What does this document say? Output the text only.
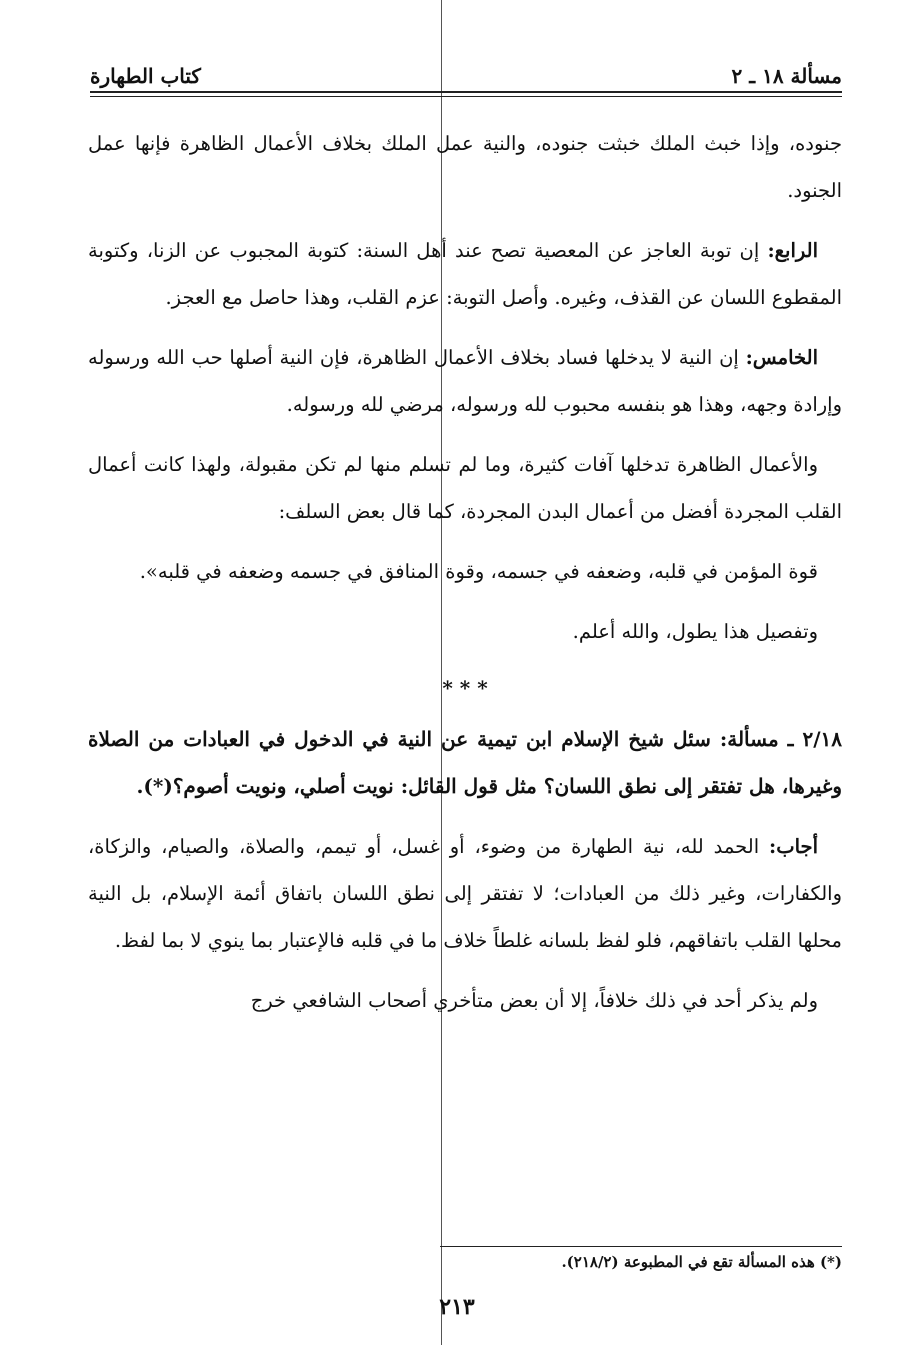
مسألة ١٨ ـ ٢
كتاب الطهارة

جنوده، وإذا خبث الملك خبثت جنوده، والنية عمل الملك بخلاف الأعمال الظاهرة فإنها عمل الجنود.

الرابع: إن توبة العاجز عن المعصية تصح عند أهل السنة: كتوبة المجبوب عن الزنا، وكتوبة المقطوع اللسان عن القذف، وغيره. وأصل التوبة: عزم القلب، وهذا حاصل مع العجز.

الخامس: إن النية لا يدخلها فساد بخلاف الأعمال الظاهرة، فإن النية أصلها حب الله ورسوله وإرادة وجهه، وهذا هو بنفسه محبوب لله ورسوله، مرضي لله ورسوله.

والأعمال الظاهرة تدخلها آفات كثيرة، وما لم تسلم منها لم تكن مقبولة، ولهذا كانت أعمال القلب المجردة أفضل من أعمال البدن المجردة، كما قال بعض السلف:

قوة المؤمن في قلبه، وضعفه في جسمه، وقوة المنافق في جسمه وضعفه في قلبه».

وتفصيل هذا يطول، والله أعلم.

* * *

٢/١٨ ـ مسألة: سئل شيخ الإسلام ابن تيمية عن النية في الدخول في العبادات من الصلاة وغيرها، هل تفتقر إلى نطق اللسان؟ مثل قول القائل: نويت أصلي، ونويت أصوم؟(*).

أجاب: الحمد لله، نية الطهارة من وضوء، أو غسل، أو تيمم، والصلاة، والصيام، والزكاة، والكفارات، وغير ذلك من العبادات؛ لا تفتقر إلى نطق اللسان باتفاق أئمة الإسلام، بل النية محلها القلب باتفاقهم، فلو لفظ بلسانه غلطاً خلاف ما في قلبه فالإعتبار بما ينوي لا بما لفظ.

ولم يذكر أحد في ذلك خلافاً، إلا أن بعض متأخري أصحاب الشافعي خرج

(*) هذه المسألة تقع في المطبوعة (٢١٨/٢).
٢١٣
